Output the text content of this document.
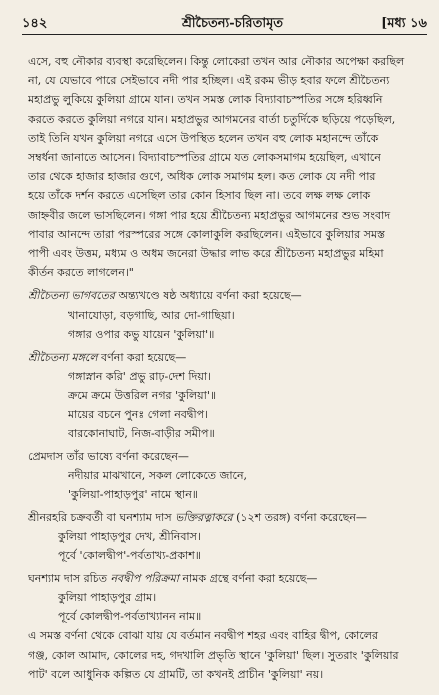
১৪২	শ্রীচৈতন্য-চরিতামৃত	[মধ্য ১৬
এসে, বহু নৌকার ব্যবস্থা করেছিলেন। কিন্তু লোকেরা তখন আর নৌকার অপেক্ষা করছিল
না, যে যেভাবে পারে সেইভাবে নদী পার হচ্ছিল। এই রকম ভীড় হবার ফলে শ্রীচৈতন্য
মহাপ্রভু লুকিয়ে কুলিয়া গ্রামে যান। তখন সমস্ত লোক বিদ্যাবাচস্পতির সঙ্গে হরিধ্বনি
করতে করতে কুলিয়া নগরে যান। মহাপ্রভুর আগমনের বার্তা চতুর্দিকে ছড়িয়ে পড়েছিল,
তাই তিনি যখন কুলিয়া নগরে এসে উপস্থিত হলেন তখন বহু লোক মহানন্দে তাঁকে
সম্বর্ধনা জানাতে আসেন। বিদ্যাবাচস্পতির গ্রামে যত লোকসমাগম হয়েছিল, এখানে
তার থেকে হাজার হাজার গুণে, অধিক লোক সমাগম হল। কত লোক যে নদী পার
হয়ে তাঁকে দর্শন করতে এসেছিল তার কোন হিসাব ছিল না। তবে লক্ষ লক্ষ লোক
জাহ্নবীর জলে ভাসছিলেন। গঙ্গা পার হয়ে শ্রীচৈতন্য মহাপ্রভুর আগমনের শুভ সংবাদ
পাবার আনন্দে তারা পরস্পরের সঙ্গে কোলাকুলি করছিলেন। এইভাবে কুলিয়ার সমস্ত
পাপী এবং উত্তম, মধ্যম ও অধম জনেরা উদ্ধার লাভ করে শ্রীচৈতন্য মহাপ্রভুর মহিমা
কীর্তন করতে লাগলেন।"
শ্রীচৈতন্য ভাগবতের অন্ত্যখণ্ডে ষষ্ঠ অধ্যায়ে বর্ণনা করা হয়েছে—
খানাযোড়া, বড়গাছি, আর দো-গাছিয়া।
গঙ্গার ওপার কভু যায়েন 'কুলিয়া'॥
শ্রীচৈতন্য মঙ্গলে বর্ণনা করা হয়েছে—
গঙ্গাস্নান করি' প্রভু রাঢ়-দেশ দিয়া।
ক্রমে ক্রমে উত্তরিল নগর 'কুলিয়া'॥
মায়ের বচনে পুনঃ গেলা নবদ্বীপ।
বারকোনাঘাট, নিজ-বাড়ীর সমীপ॥
প্রেমদাস তাঁর ভাষ্যে বর্ণনা করেছেন—
নদীয়ার মাঝখানে, সকল লোকেতে জানে,
'কুলিয়া-পাহাড়পুর' নামে স্থান॥
শ্রীনরহরি চক্রবর্তী বা ঘনশ্যাম দাস ভক্তিরত্নাকরে (১২শ তরঙ্গ) বর্ণনা করেছেন—
কুলিয়া পাহাড়পুর দেখ, শ্রীনিবাস।
পূর্বে 'কোলদ্বীপ'-পর্বতাখ্য-প্রকাশ॥
ঘনশ্যাম দাস রচিত নবদ্বীপ পরিক্রমা নামক গ্রন্থে বর্ণনা করা হয়েছে—
কুলিয়া পাহাড়পুর গ্রাম।
পূর্বে কোলদ্বীপ-পর্বতাখ্যানন নাম॥
এ সমস্ত বর্ণনা থেকে বোঝা যায় যে বর্তমান নবদ্বীপ শহর এবং বাহির দ্বীপ, কোলের
গঞ্জ, কোল আমাদ, কোলের দহ, গদখালি প্রভৃতি স্থানে 'কুলিয়া' ছিল। সুতরাং 'কুলিয়ার
পাট' বলে আধুনিক কল্পিত যে গ্রামটি, তা কখনই প্রাচীন 'কুলিয়া' নয়।
